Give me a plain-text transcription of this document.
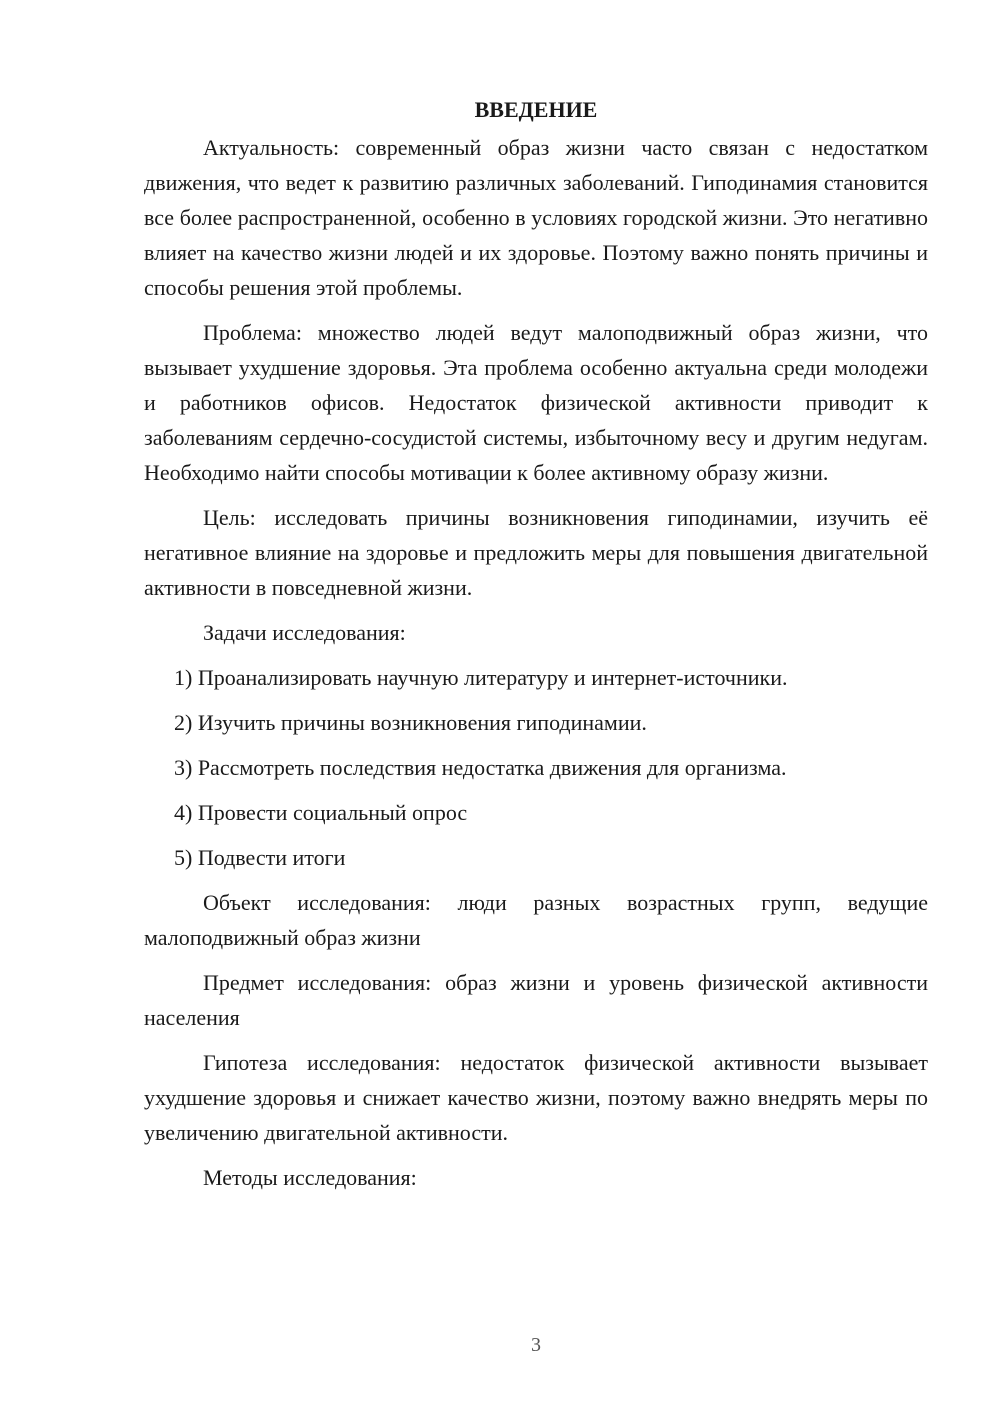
ВВЕДЕНИЕ

Актуальность: современный образ жизни часто связан с недостатком движения, что ведет к развитию различных заболеваний. Гиподинамия становится все более распространенной, особенно в условиях городской жизни. Это негативно влияет на качество жизни людей и их здоровье. Поэтому важно понять причины и способы решения этой проблемы.

Проблема: множество людей ведут малоподвижный образ жизни, что вызывает ухудшение здоровья. Эта проблема особенно актуальна среди молодежи и работников офисов. Недостаток физической активности приводит к заболеваниям сердечно-сосудистой системы, избыточному весу и другим недугам. Необходимо найти способы мотивации к более активному образу жизни.

Цель: исследовать причины возникновения гиподинамии, изучить её негативное влияние на здоровье и предложить меры для повышения двигательной активности в повседневной жизни.

Задачи исследования:

1) Проанализировать научную литературу и интернет-источники.

2) Изучить причины возникновения гиподинамии.

3) Рассмотреть последствия недостатка движения для организма.

4) Провести социальный опрос

5) Подвести итоги

Объект исследования: люди разных возрастных групп, ведущие малоподвижный образ жизни

Предмет исследования: образ жизни и уровень физической активности населения

Гипотеза исследования: недостаток физической активности вызывает ухудшение здоровья и снижает качество жизни, поэтому важно внедрять меры по увеличению двигательной активности.

Методы исследования:

3
